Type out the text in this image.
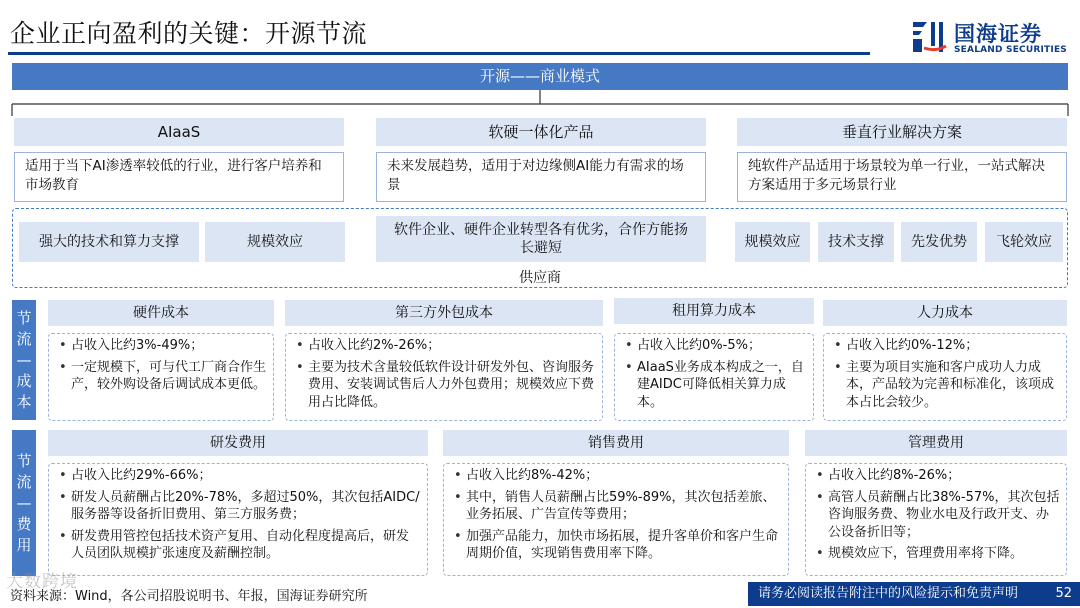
企业正向盈利的关键：开源节流	国海证券
SEALAND SECURITIES
开源——商业模式
AIaaS	软硬一体化产品	垂直行业解决方案
适用于当下AI渗透率较低的行业，进行客户培养和市场教育
未来发展趋势，适用于对边缘侧AI能力有需求的场景
纯软件产品适用于场景较为单一行业，一站式解决方案适用于多元场景行业
强大的技术和算力支撑	规模效应
软件企业、硬件企业转型各有优劣，合作方能扬长避短	规模效应	技术支撑	先发优势	飞轮效应
供应商
节
流
—
成
本
硬件成本	第三方外包成本	租用算力成本	人力成本
• 占收入比约3%-49%；
• 一定规模下，可与代工厂商合作生产，较外购设备后调试成本更低。
• 占收入比约2%-26%；
• 主要为技术含量较低软件设计研发外包、咨询服务费用、安装调试售后人力外包费用；规模效应下费用占比降低。
• 占收入比约0%-5%；
• AIaaS业务成本构成之一，自建AIDC可降低相关算力成本。
• 占收入比约0%-12%；
• 主要为项目实施和客户成功人力成本，产品较为完善和标准化，该项成本占比会较少。
节
流
—
费
用
研发费用	销售费用	管理费用
• 占收入比约29%-66%；
• 研发人员薪酬占比20%-78%，多超过50%，其次包括AIDC/服务器等设备折旧费用、第三方服务费；
• 研发费用管控包括技术资产复用、自动化程度提高后，研发人员团队规模扩张速度及薪酬控制。
• 占收入比约8%-42%；
• 其中，销售人员薪酬占比59%-89%，其次包括差旅、业务拓展、广告宣传等费用；
• 加强产品能力，加快市场拓展，提升客单价和客户生命周期价值，实现销售费用率下降。
• 占收入比约8%-26%；
• 高管人员薪酬占比38%-57%，其次包括咨询服务费、物业水电及行政开支、办公设备折旧等；
• 规模效应下，管理费用率将下降。
资料来源：Wind，各公司招股说明书、年报，国海证券研究所
大数跨境
请务必阅读报告附注中的风险提示和免责声明	52
